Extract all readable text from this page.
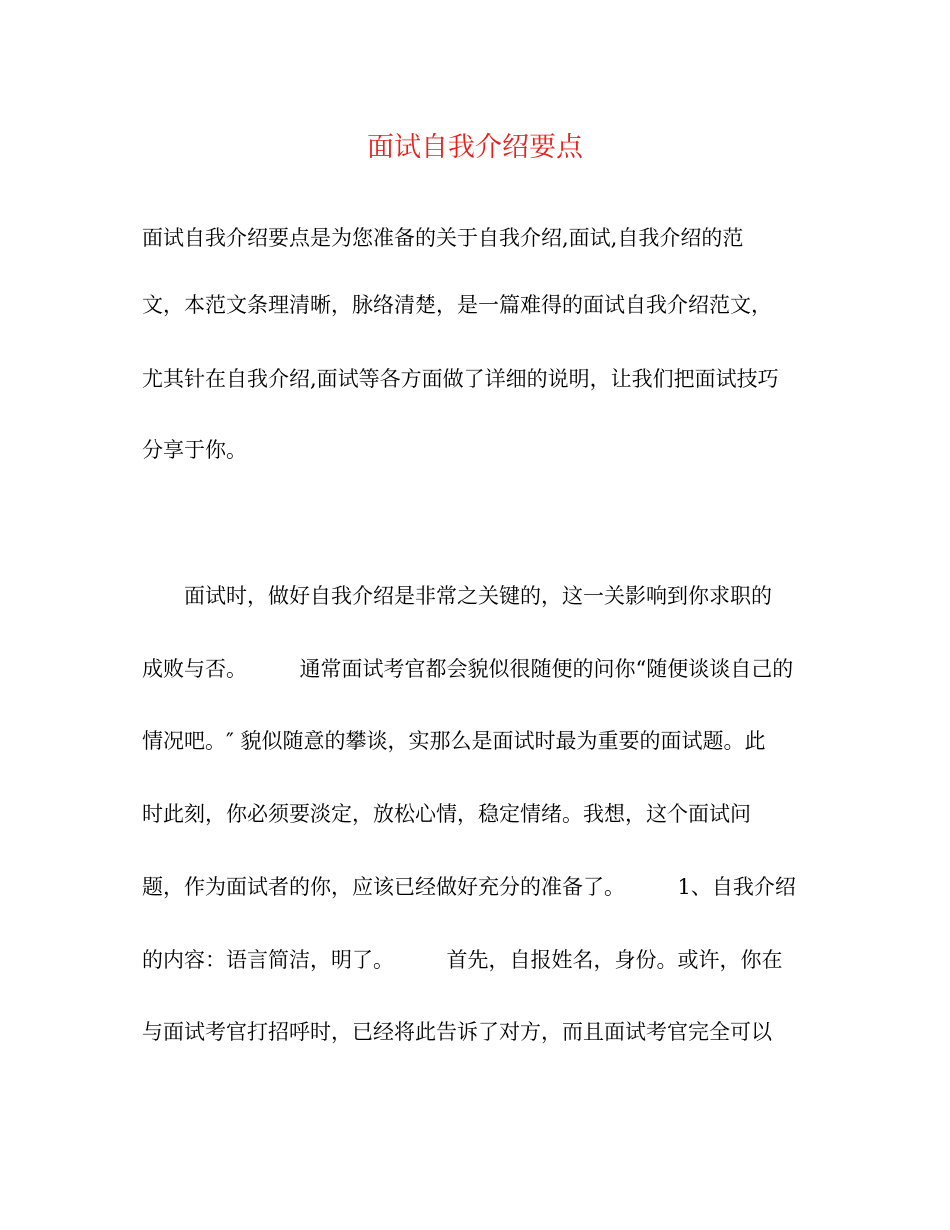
面试自我介绍要点

面试自我介绍要点是为您准备的关于自我介绍,面试,自我介绍的范

文，本范文条理清晰，脉络清楚，是一篇难得的面试自我介绍范文，

尤其针在自我介绍,面试等各方面做了详细的说明，让我们把面试技巧

分享于你。

面试时，做好自我介绍是非常之关键的，这一关影响到你求职的

成败与否。　　　通常面试考官都会貌似很随便的问你“随便谈谈自己的

情况吧。″ 貌似随意的攀谈，实那么是面试时最为重要的面试题。此

时此刻，你必须要淡定，放松心情，稳定情绪。我想，这个面试问

题，作为面试者的你，应该已经做好充分的准备了。　　　1、自我介绍

的内容：语言简洁，明了。　　　首先，自报姓名，身份。或许，你在

与面试考官打招呼时，已经将此告诉了对方，而且面试考官完全可以
